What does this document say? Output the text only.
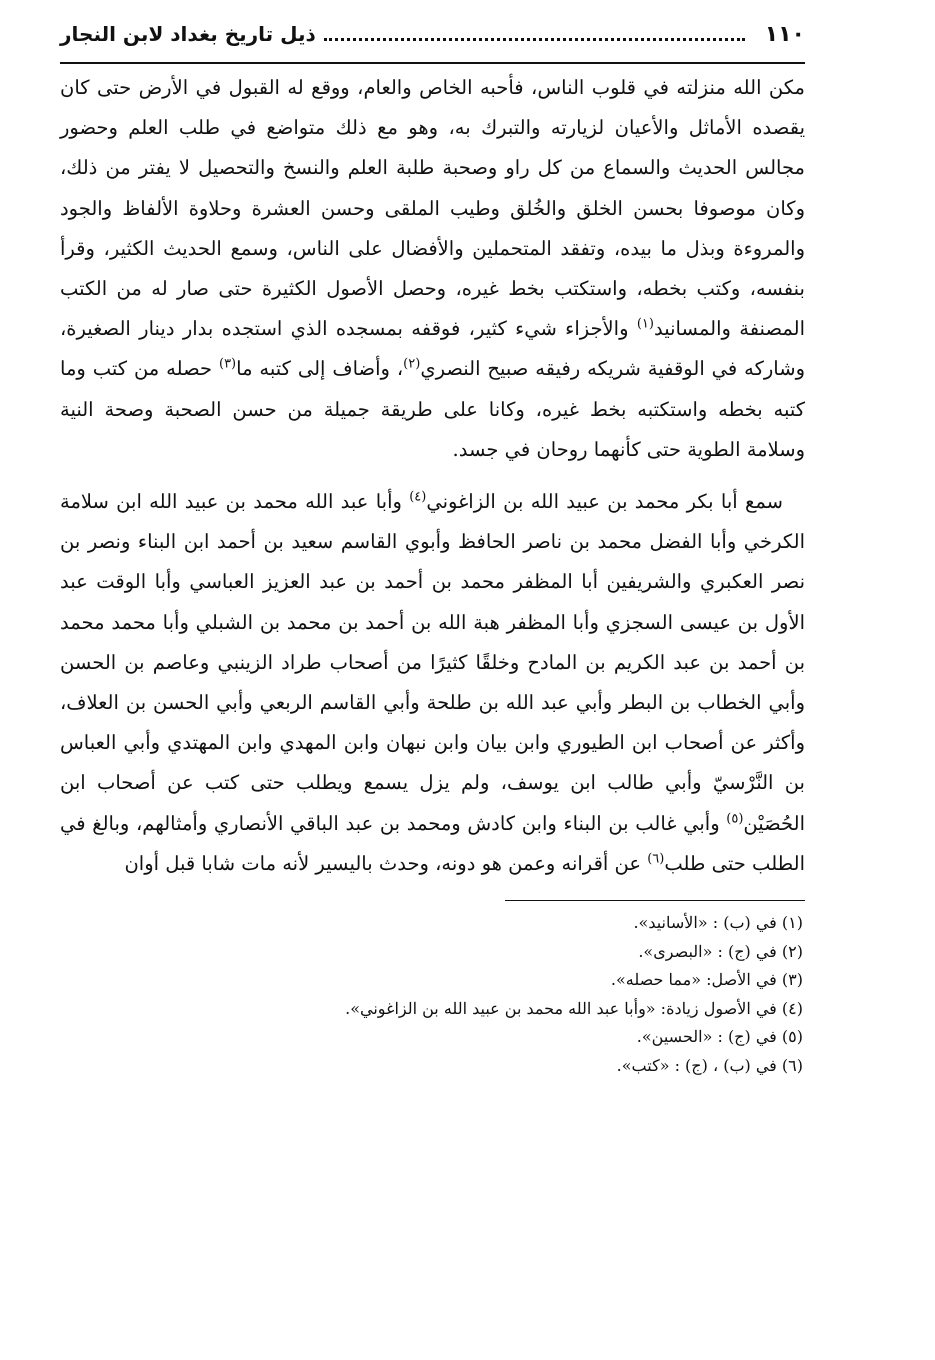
١١٠
ذيل تاريخ بغداد لابن النجار

مكن الله منزلته في قلوب الناس، فأحبه الخاص والعام، ووقع له القبول في الأرض حتى كان يقصده الأماثل والأعيان لزيارته والتبرك به، وهو مع ذلك متواضع في طلب العلم وحضور مجالس الحديث والسماع من كل راو وصحبة طلبة العلم والنسخ والتحصيل لا يفتر من ذلك، وكان موصوفا بحسن الخلق والخُلق وطيب الملقى وحسن العشرة وحلاوة الألفاظ والجود والمروءة وبذل ما بيده، وتفقد المتحملين والأفضال على الناس، وسمع الحديث الكثير، وقرأ بنفسه، وكتب بخطه، واستكتب بخط غيره، وحصل الأصول الكثيرة حتى صار له من الكتب المصنفة والمسانيد$^{(١)}$ والأجزاء شيء كثير، فوقفه بمسجده الذي استجده بدار دينار الصغيرة، وشاركه في الوقفية شريكه رفيقه صبيح النصري$^{(٢)}$، وأضاف إلى كتبه ما$^{(٣)}$ حصله من كتب وما كتبه بخطه واستكتبه بخط غيره، وكانا على طريقة جميلة من حسن الصحبة وصحة النية وسلامة الطوية حتى كأنهما روحان في جسد.

سمع أبا بكر محمد بن عبيد الله بن الزاغوني$^{(٤)}$ وأبا عبد الله محمد بن عبيد الله ابن سلامة الكرخي وأبا الفضل محمد بن ناصر الحافظ وأبوي القاسم سعيد بن أحمد ابن البناء ونصر بن نصر العكبري والشريفين أبا المظفر محمد بن أحمد بن عبد العزيز العباسي وأبا الوقت عبد الأول بن عيسى السجزي وأبا المظفر هبة الله بن أحمد بن محمد بن الشبلي وأبا محمد محمد بن أحمد بن عبد الكريم بن المادح وخلقًا كثيرًا من أصحاب طراد الزينبي وعاصم بن الحسن وأبي الخطاب بن البطر وأبي عبد الله بن طلحة وأبي القاسم الربعي وأبي الحسن بن العلاف، وأكثر عن أصحاب ابن الطيوري وابن بيان وابن نبهان وابن المهدي وابن المهتدي وأبي العباس بن النَّرْسيّ وأبي طالب ابن يوسف، ولم يزل يسمع ويطلب حتى كتب عن أصحاب ابن الحُصَيْن$^{(٥)}$ وأبي غالب بن البناء وابن كادش ومحمد بن عبد الباقي الأنصاري وأمثالهم، وبالغ في الطلب حتى طلب$^{(٦)}$ عن أقرانه وعمن هو دونه، وحدث باليسير لأنه مات شابا قبل أوان

(١) في (ب) : «الأسانيد».
(٢) في (ج) : «البصرى».
(٣) في الأصل: «مما حصله».
(٤) في الأصول زيادة: «وأبا عبد الله محمد بن عبيد الله بن الزاغوني».
(٥) في (ج) : «الحسين».
(٦) في (ب) ، (ج) : «كتب».
